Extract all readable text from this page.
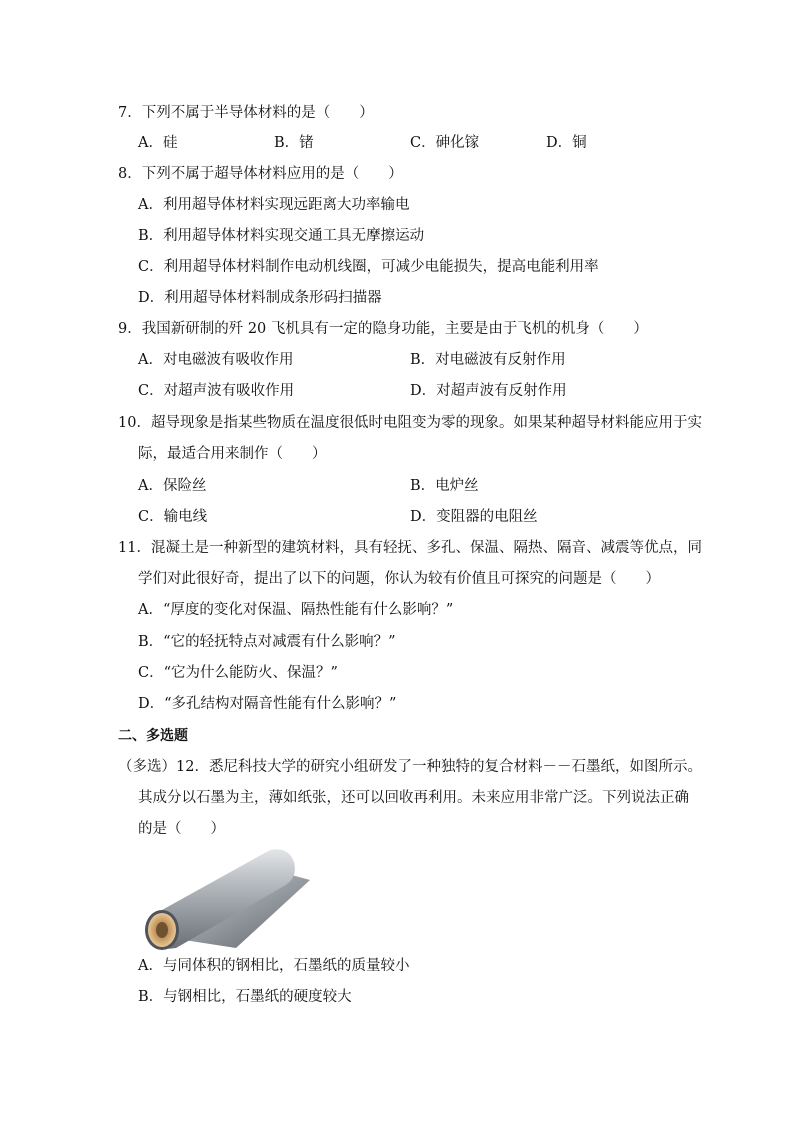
7．下列不属于半导体材料的是（　　）
A．硅	B．锗	C．砷化镓	D．铜
8．下列不属于超导体材料应用的是（　　）
A．利用超导体材料实现远距离大功率输电
B．利用超导体材料实现交通工具无摩擦运动
C．利用超导体材料制作电动机线圈，可减少电能损失，提高电能利用率
D．利用超导体材料制成条形码扫描器
9．我国新研制的歼 20 飞机具有一定的隐身功能，主要是由于飞机的机身（　　）
A．对电磁波有吸收作用	B．对电磁波有反射作用
C．对超声波有吸收作用	D．对超声波有反射作用
10．超导现象是指某些物质在温度很低时电阻变为零的现象。如果某种超导材料能应用于实
际，最适合用来制作（　　）
A．保险丝	B．电炉丝
C．输电线	D．变阻器的电阻丝
11．混凝土是一种新型的建筑材料，具有轻抚、多孔、保温、隔热、隔音、减震等优点，同
学们对此很好奇，提出了以下的问题，你认为较有价值且可探究的问题是（　　）
A．“厚度的变化对保温、隔热性能有什么影响？”
B．“它的轻抚特点对减震有什么影响？”
C．“它为什么能防火、保温？”
D．“多孔结构对隔音性能有什么影响？”
二、多选题
（多选）12．悉尼科技大学的研究小组研发了一种独特的复合材料－－石墨纸，如图所示。
其成分以石墨为主，薄如纸张，还可以回收再利用。未来应用非常广泛。下列说法正确
的是（　　）
A．与同体积的钢相比，石墨纸的质量较小
B．与钢相比，石墨纸的硬度较大
